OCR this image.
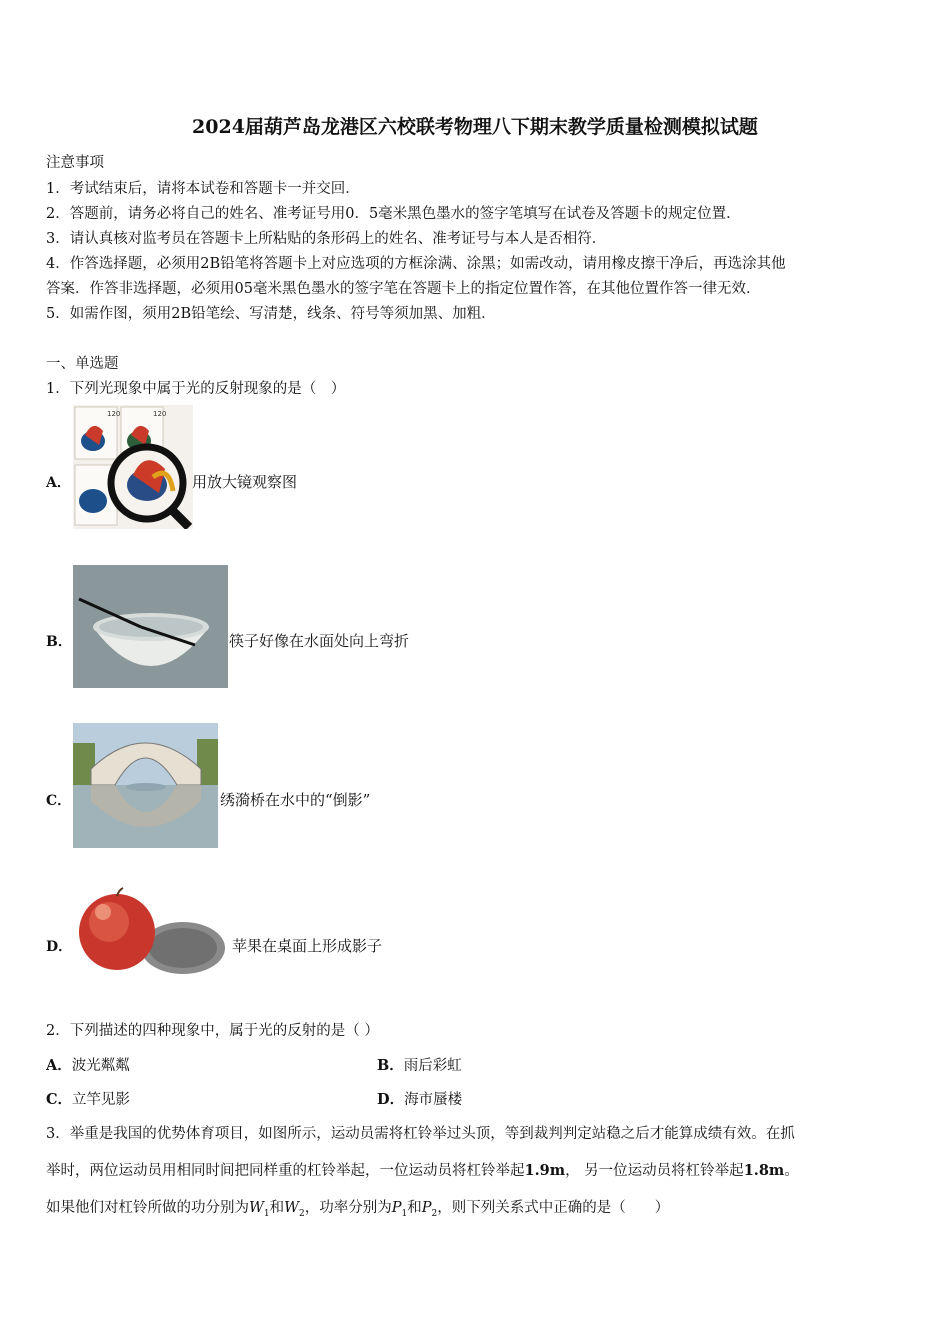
2024届葫芦岛龙港区六校联考物理八下期末教学质量检测模拟试题
注意事项
1．考试结束后，请将本试卷和答题卡一并交回．
2．答题前，请务必将自己的姓名、准考证号用0．5毫米黑色墨水的签字笔填写在试卷及答题卡的规定位置．
3．请认真核对监考员在答题卡上所粘贴的条形码上的姓名、准考证号与本人是否相符．
4．作答选择题，必须用2B铅笔将答题卡上对应选项的方框涂满、涂黑；如需改动，请用橡皮擦干净后，再选涂其他
答案．作答非选择题，必须用05毫米黑色墨水的签字笔在答题卡上的指定位置作答，在其他位置作答一律无效．
5．如需作图，须用2B铅笔绘、写清楚，线条、符号等须加黑、加粗．
一、单选题
1．下列光现象中属于光的反射现象的是（　）
A．
120	120
用放大镜观察图
B．	筷子好像在水面处向上弯折
C．	绣漪桥在水中的“倒影”
D．	苹果在桌面上形成影子
2．下列描述的四种现象中，属于光的反射的是（ ）
A．波光粼粼	B．雨后彩虹
C．立竿见影	D．海市蜃楼
3．举重是我国的优势体育项目，如图所示，运动员需将杠铃举过头顶，等到裁判判定站稳之后才能算成绩有效。在抓
举时，两位运动员用相同时间把同样重的杠铃举起，一位运动员将杠铃举起1.9m， 另一位运动员将杠铃举起1.8m。
如果他们对杠铃所做的功分别为$W_1$和$W_2$，功率分别为$P_1$和$P_2$，则下列关系式中正确的是（　　）
